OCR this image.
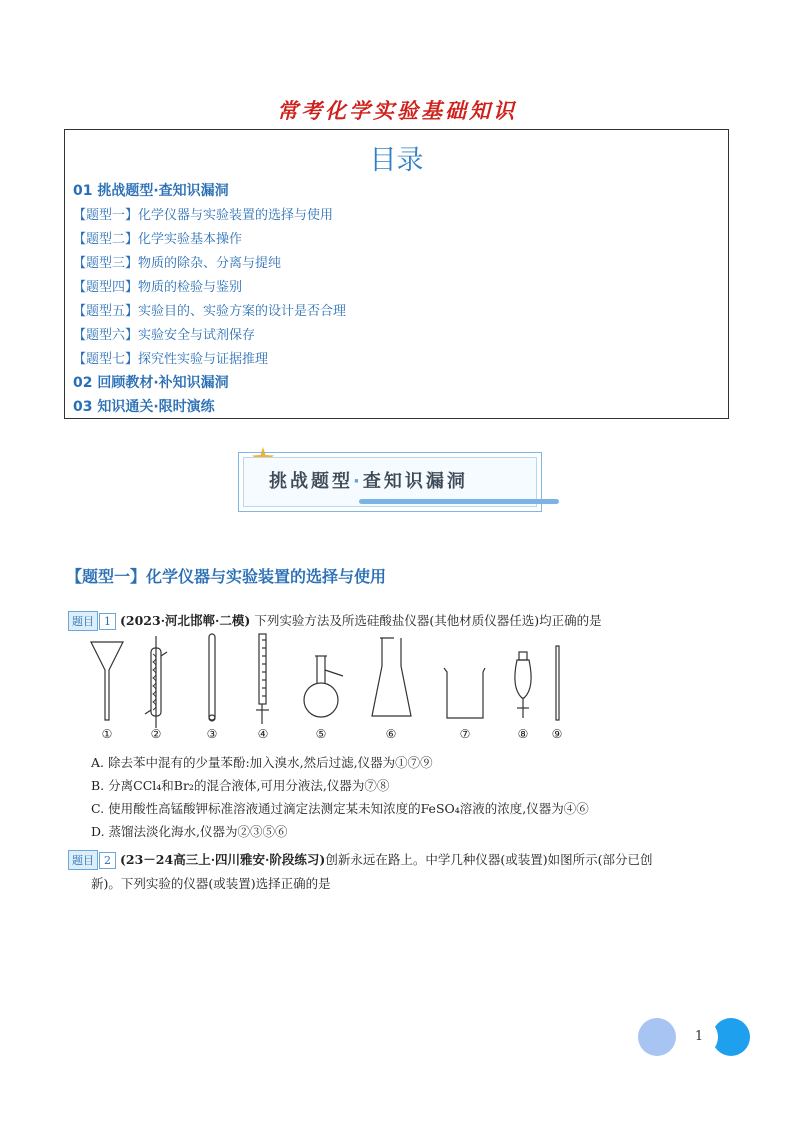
常考化学实验基础知识
目录
01 挑战题型·查知识漏洞
【题型一】化学仪器与实验装置的选择与使用
【题型二】化学实验基本操作
【题型三】物质的除杂、分离与提纯
【题型四】物质的检验与鉴别
【题型五】实验目的、实验方案的设计是否合理
【题型六】实验安全与试剂保存
【题型七】探究性实验与证据推理
02 回顾教材·补知识漏洞
03 知识通关·限时演练
挑战题型·查知识漏洞
【题型一】化学仪器与实验装置的选择与使用
题目 1 (2023·河北邯郸·二模) 下列实验方法及所选硅酸盐仪器(其他材质仪器任选)均正确的是
①	②	③	④	⑤	⑥	⑦	⑧ ⑨
A. 除去苯中混有的少量苯酚:加入溴水,然后过滤,仪器为①⑦⑨
B. 分离CCl₄和Br₂的混合液体,可用分液法,仪器为⑦⑧
C. 使用酸性高锰酸钾标准溶液通过滴定法测定某未知浓度的FeSO₄溶液的浓度,仪器为④⑥
D. 蒸馏法淡化海水,仪器为②③⑤⑥
题目 2 (23－24高三上·四川雅安·阶段练习)创新永远在路上。中学几种仪器(或装置)如图所示(部分已创
新)。下列实验的仪器(或装置)选择正确的是
1
